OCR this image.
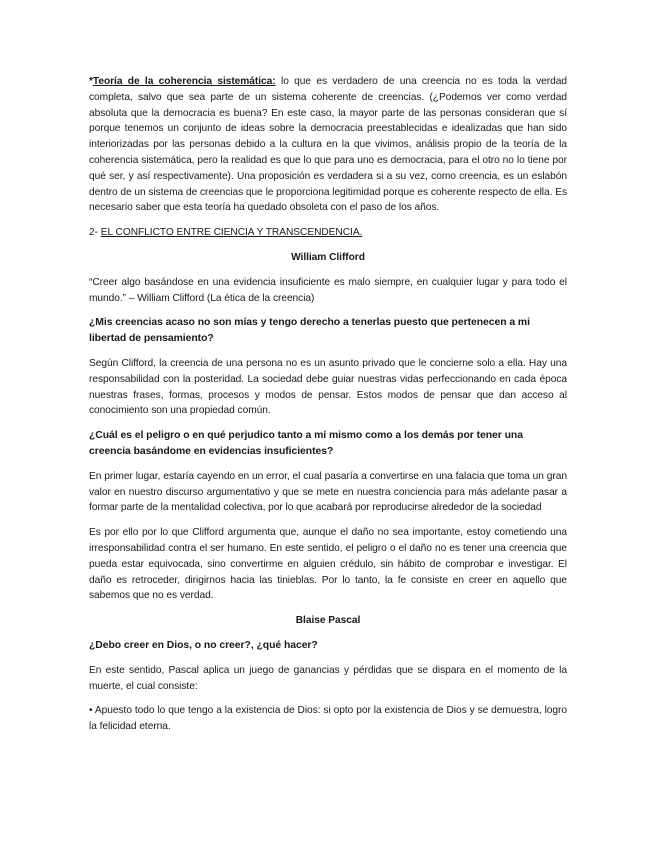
*Teoría de la coherencia sistemática: lo que es verdadero de una creencia no es toda la verdad completa, salvo que sea parte de un sistema coherente de creencias. (¿Podemos ver como verdad absoluta que la democracia es buena? En este caso, la mayor parte de las personas consideran que sí porque tenemos un conjunto de ideas sobre la democracia preestablecidas e idealizadas que han sido interiorizadas por las personas debido a la cultura en la que vivimos, análisis propio de la teoría de la coherencia sistemática, pero la realidad es que lo que para uno es democracia, para el otro no lo tiene por qué ser, y así respectivamente). Una proposición es verdadera si a su vez, como creencia, es un eslabón dentro de un sistema de creencias que le proporciona legitimidad porque es coherente respecto de ella. Es necesario saber que esta teoría ha quedado obsoleta con el paso de los años.

2- EL CONFLICTO ENTRE CIENCIA Y TRANSCENDENCIA.

William Clifford

“Creer algo basándose en una evidencia insuficiente es malo siempre, en cualquier lugar y para todo el mundo.” – William Clifford (La ética de la creencia)

¿Mis creencias acaso no son mías y tengo derecho a tenerlas puesto que pertenecen a mi libertad de pensamiento?

Según Clifford, la creencia de una persona no es un asunto privado que le concierne solo a ella. Hay una responsabilidad con la posteridad. La sociedad debe guiar nuestras vidas perfeccionando en cada época nuestras frases, formas, procesos y modos de pensar. Estos modos de pensar que dan acceso al conocimiento son una propiedad común.

¿Cuál es el peligro o en qué perjudico tanto a mí mismo como a los demás por tener una creencia basándome en evidencias insuficientes?

En primer lugar, estaría cayendo en un error, el cual pasaría a convertirse en una falacia que toma un gran valor en nuestro discurso argumentativo y que se mete en nuestra conciencia para más adelante pasar a formar parte de la mentalidad colectiva, por lo que acabará por reproducirse alrededor de la sociedad

Es por ello por lo que Clifford argumenta que, aunque el daño no sea importante, estoy cometiendo una irresponsabilidad contra el ser humano. En este sentido, el peligro o el daño no es tener una creencia que pueda estar equivocada, sino convertirme en alguien crédulo, sin hábito de comprobar e investigar. El daño es retroceder, dirigirnos hacia las tinieblas. Por lo tanto, la fe consiste en creer en aquello que sabemos que no es verdad.

Blaise Pascal

¿Debo creer en Dios, o no creer?, ¿qué hacer?

En este sentido, Pascal aplica un juego de ganancias y pérdidas que se dispara en el momento de la muerte, el cual consiste:

• Apuesto todo lo que tengo a la existencia de Dios: si opto por la existencia de Dios y se demuestra, logro la felicidad eterna.
